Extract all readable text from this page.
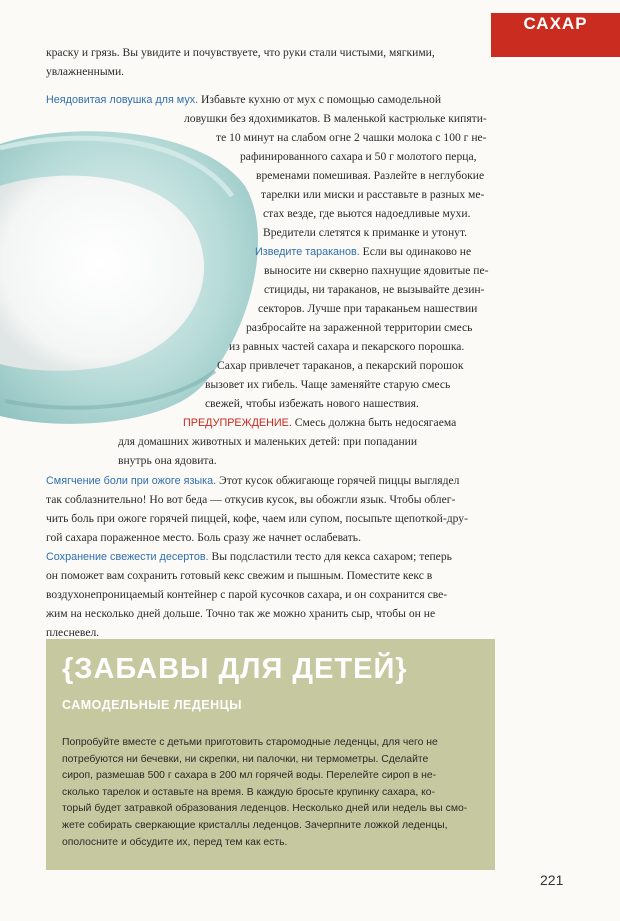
САХАР
краску и грязь. Вы увидите и почувствуете, что руки стали чистыми, мягкими,
увлажненными.
Неядовитая ловушка для мух. Избавьте кухню от мух с помощью самодельной
ловушки без ядохимикатов. В маленькой кастрюльке кипяти-
те 10 минут на слабом огне 2 чашки молока с 100 г не-
рафинированного сахара и 50 г молотого перца,
временами помешивая. Разлейте в неглубокие
тарелки или миски и расставьте в разных ме-
стах везде, где вьются надоедливые мухи.
Вредители слетятся к приманке и утонут.
Изведите тараканов. Если вы одинаково не
выносите ни скверно пахнущие ядовитые пе-
стициды, ни тараканов, не вызывайте дезин-
секторов. Лучше при тараканьем нашествии
разбросайте на зараженной территории смесь
из равных частей сахара и пекарского порошка.
Сахар привлечет тараканов, а пекарский порошок
вызовет их гибель. Чаще заменяйте старую смесь
свежей, чтобы избежать нового нашествия.
ПРЕДУПРЕЖДЕНИЕ. Смесь должна быть недосягаема
для домашних животных и маленьких детей: при попадании
внутрь она ядовита.
Смягчение боли при ожоге языка. Этот кусок обжигающе горячей пиццы выглядел
так соблазнительно! Но вот беда — откусив кусок, вы обожгли язык. Чтобы облег-
чить боль при ожоге горячей пиццей, кофе, чаем или супом, посыпьте щепоткой-дру-
гой сахара пораженное место. Боль сразу же начнет ослабевать.
Сохранение свежести десертов. Вы подсластили тесто для кекса сахаром; теперь
он поможет вам сохранить готовый кекс свежим и пышным. Поместите кекс в
воздухонепроницаемый контейнер с парой кусочков сахара, и он сохранится све-
жим на несколько дней дольше. Точно так же можно хранить сыр, чтобы он не
плесневел.
{ЗАБАВЫ ДЛЯ ДЕТЕЙ}
САМОДЕЛЬНЫЕ ЛЕДЕНЦЫ
Попробуйте вместе с детьми приготовить старомодные леденцы, для чего не
потребуются ни бечевки, ни скрепки, ни палочки, ни термометры. Сделайте
сироп, размешав 500 г сахара в 200 мл горячей воды. Перелейте сироп в не-
сколько тарелок и оставьте на время. В каждую бросьте крупинку сахара, ко-
торый будет затравкой образования леденцов. Несколько дней или недель вы смо-
жете собирать сверкающие кристаллы леденцов. Зачерпните ложкой леденцы,
ополосните и обсудите их, перед тем как есть.
221
